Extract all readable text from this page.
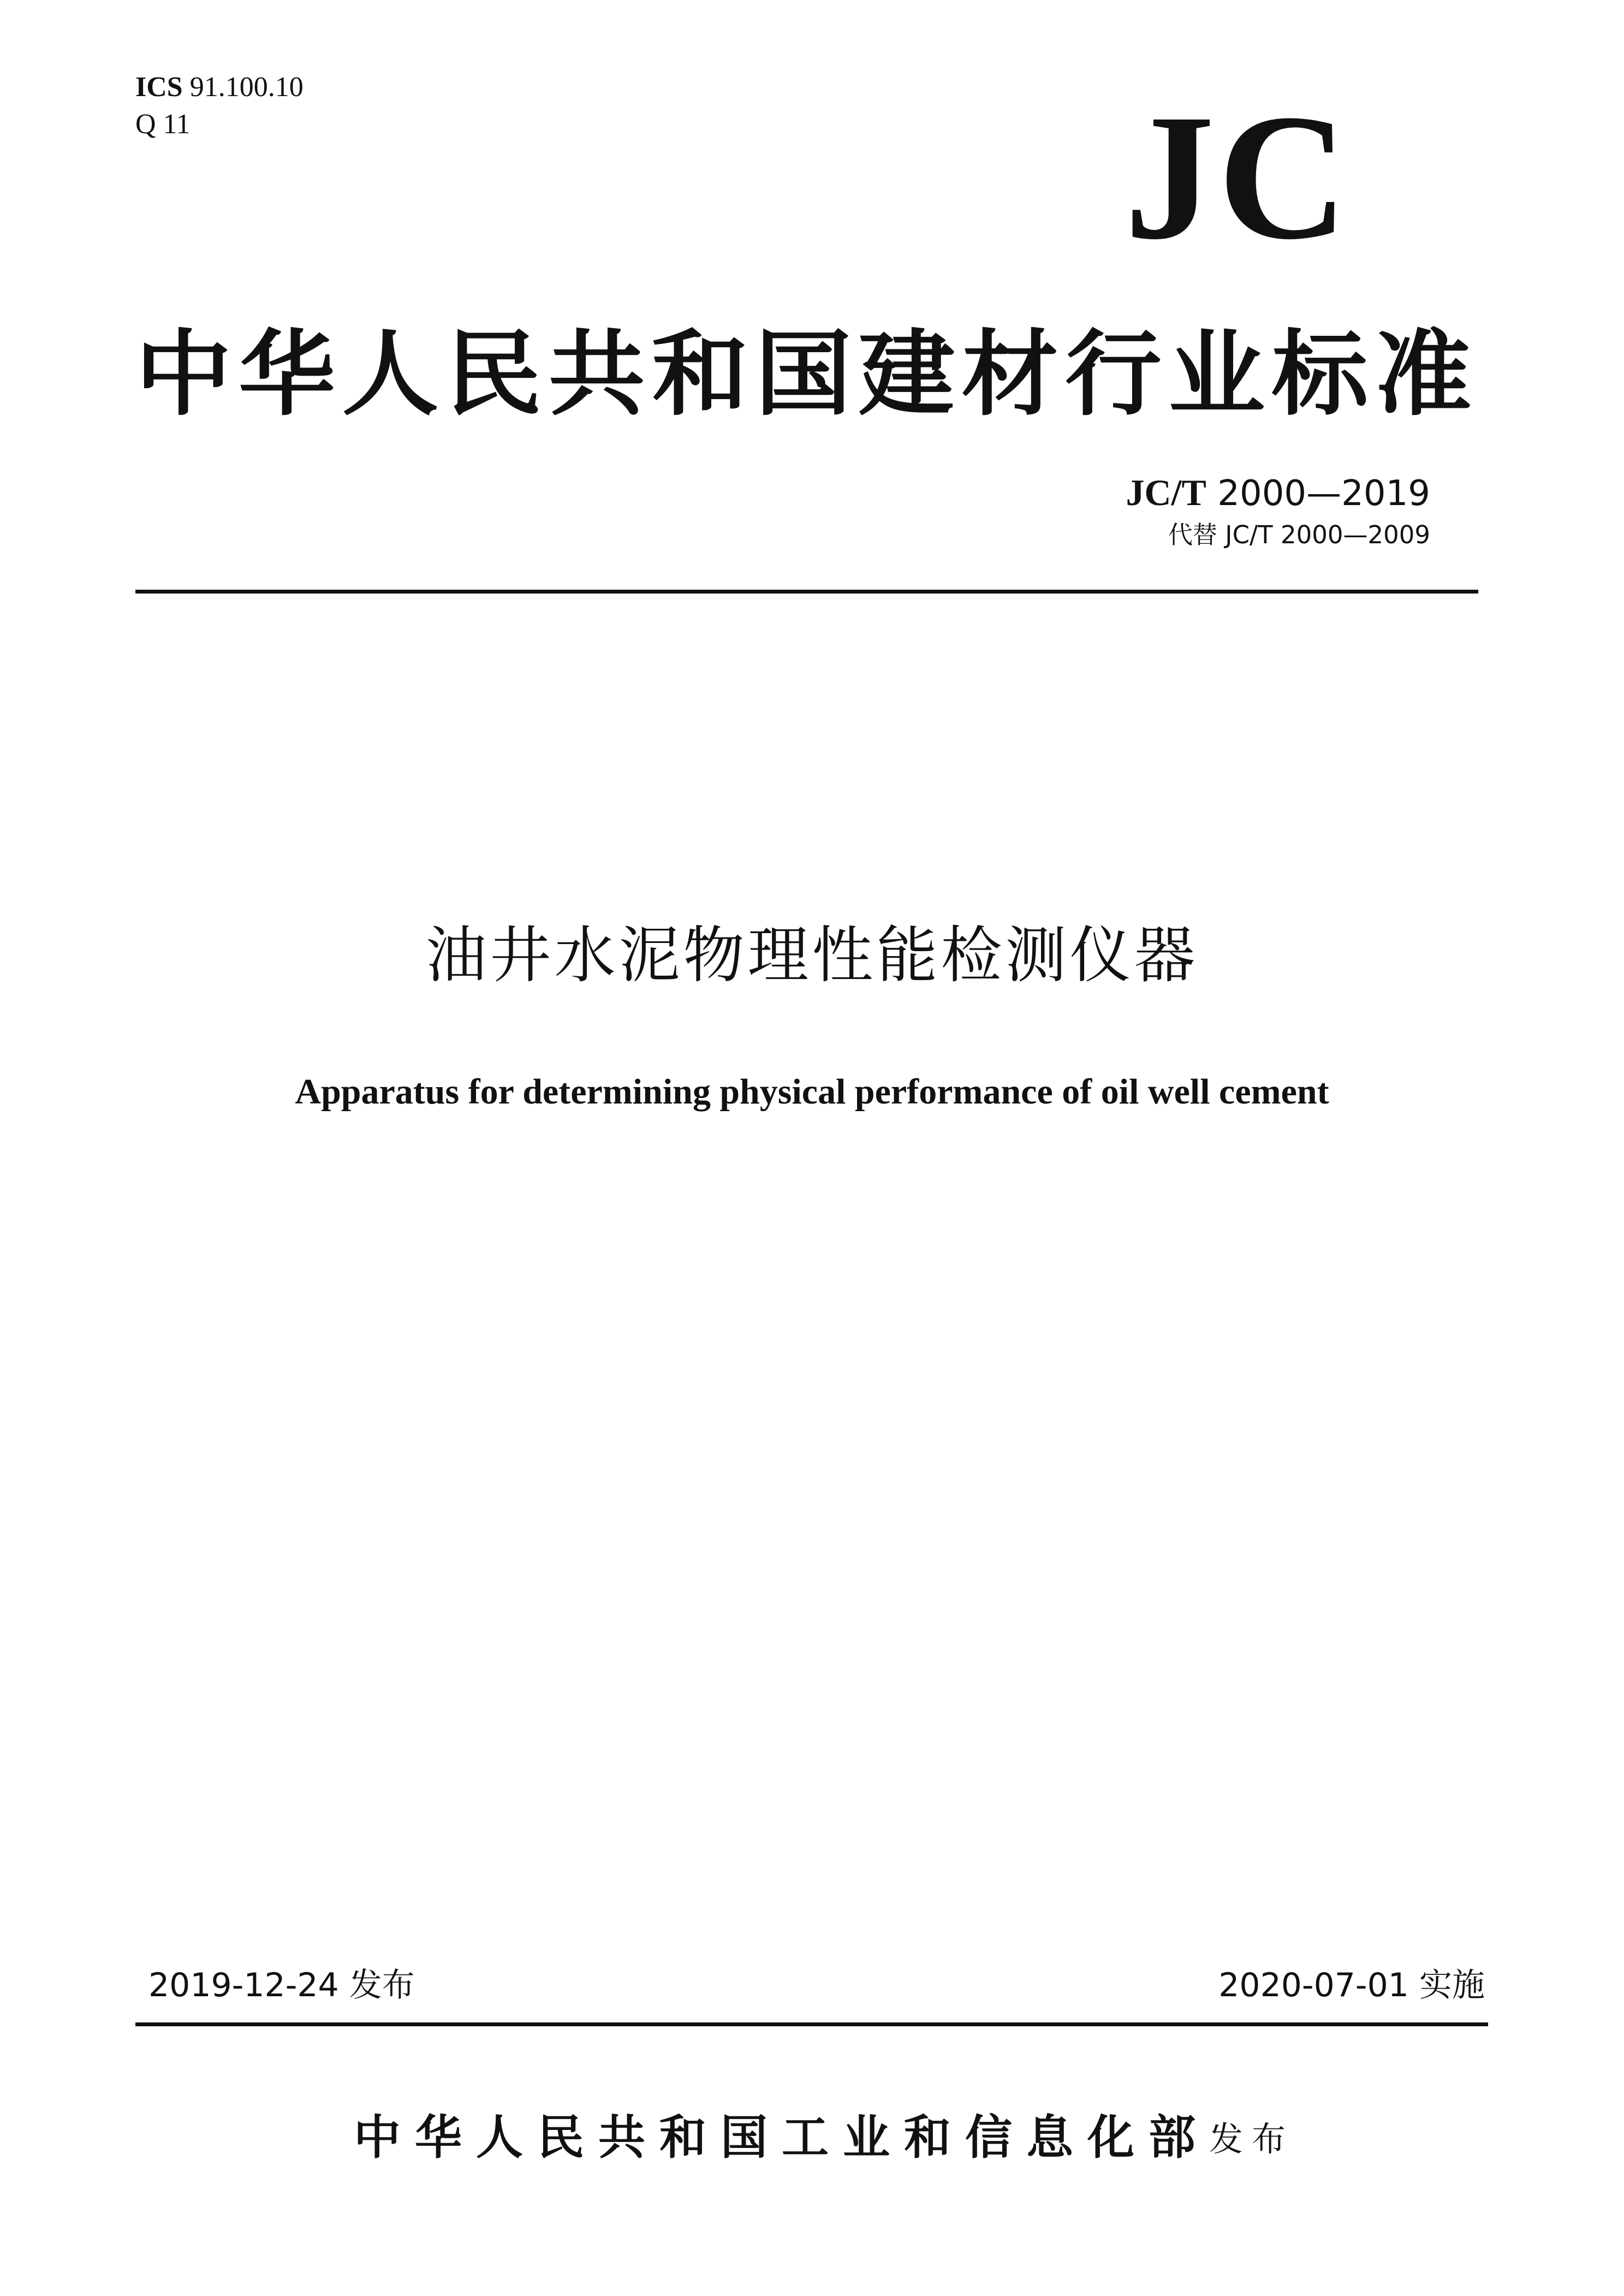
ICS 91.100.10
Q 11	JC
中华人民共和国建材行业标准
JC/T 2000—2019
代替 JC/T 2000—2009
油井水泥物理性能检测仪器
Apparatus for determining physical performance of oil well cement
2019-12-24 发布	2020-07-01 实施
中华人民共和国工业和信息化部 发布
